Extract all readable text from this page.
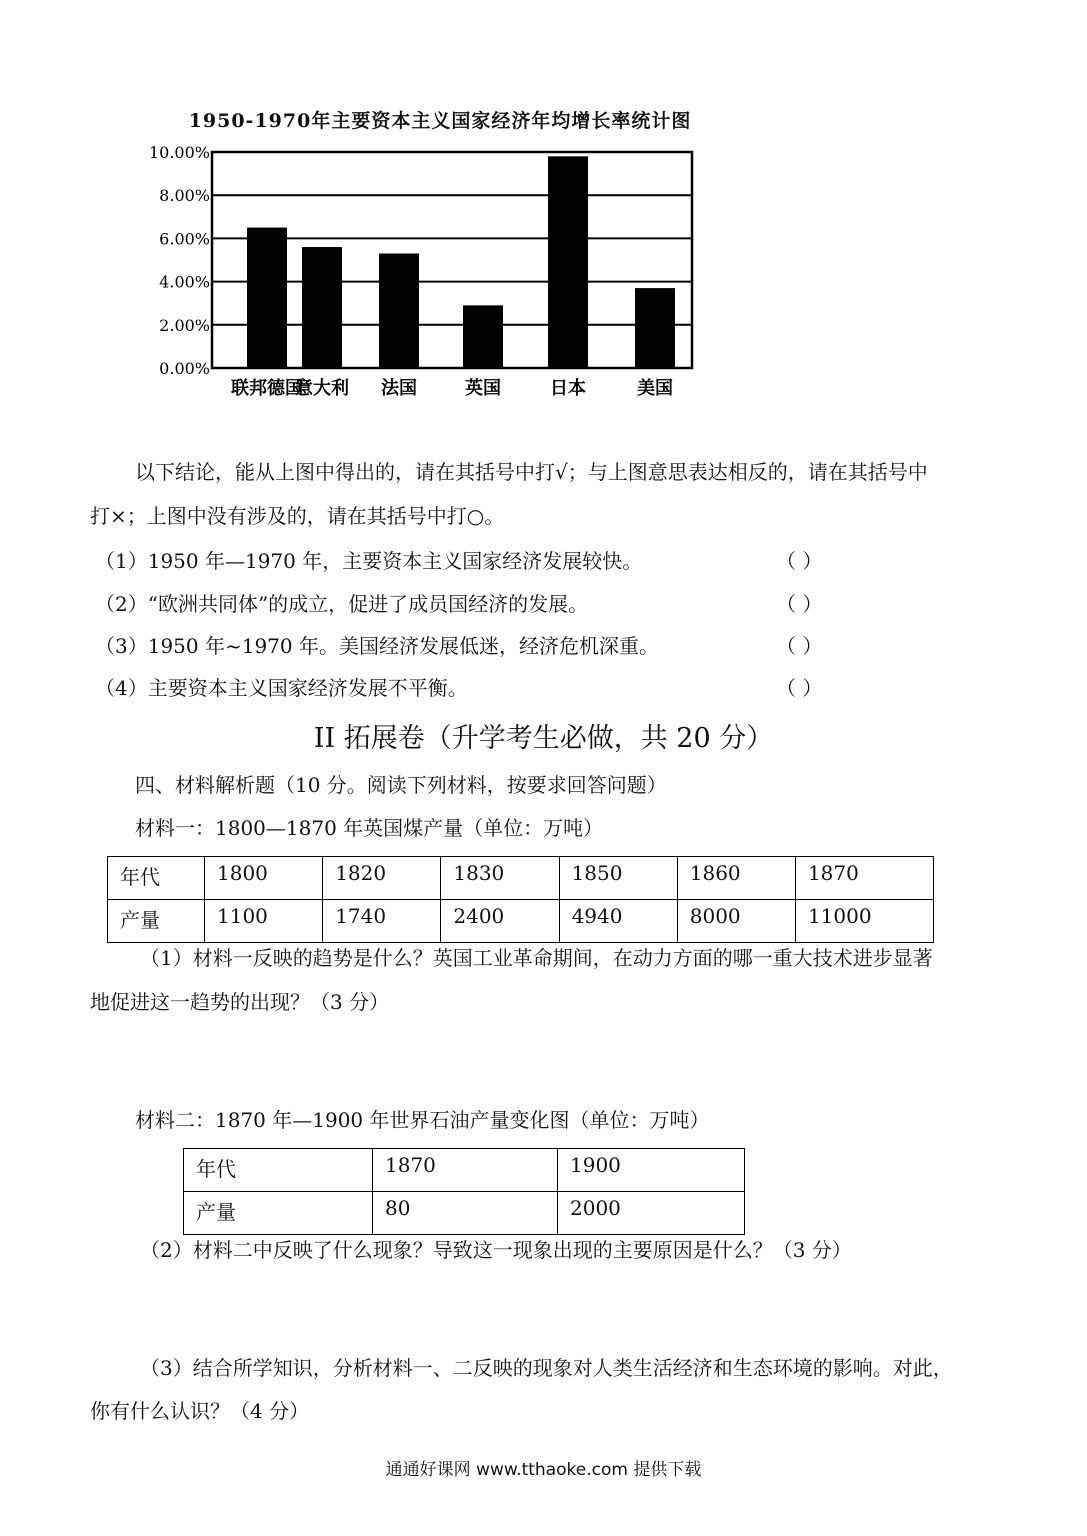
1950-1970年主要资本主义国家经济年均增长率统计图
0.00%
2.00%
4.00%
6.00%
8.00%
10.00%
联邦德国
意大利 法国	英国	日本	美国
以下结论，能从上图中得出的，请在其括号中打√；与上图意思表达相反的，请在其括号中
打×；上图中没有涉及的，请在其括号中打○。
（1）1950 年—1970 年，主要资本主义国家经济发展较快。	（ ）
（2）“欧洲共同体”的成立，促进了成员国经济的发展。	（ ）
（3）1950 年~1970 年。美国经济发展低迷，经济危机深重。	（ ）
（4）主要资本主义国家经济发展不平衡。	（ ）
II 拓展卷（升学考生必做，共 20 分）
四、材料解析题（10 分。阅读下列材料，按要求回答问题）
材料一：1800—1870 年英国煤产量（单位：万吨）
年代	1800	1820	1830	1850	1860	1870
产量	1100	1740	2400	4940	8000	11000
（1）材料一反映的趋势是什么？英国工业革命期间，在动力方面的哪一重大技术进步显著
地促进这一趋势的出现？（3 分）
材料二：1870 年—1900 年世界石油产量变化图（单位：万吨）
年代	1870	1900
产量	80	2000
（2）材料二中反映了什么现象？导致这一现象出现的主要原因是什么？（3 分）
（3）结合所学知识，分析材料一、二反映的现象对人类生活经济和生态环境的影响。对此，
你有什么认识？（4 分）
通通好课网 www.tthaoke.com 提供下载
